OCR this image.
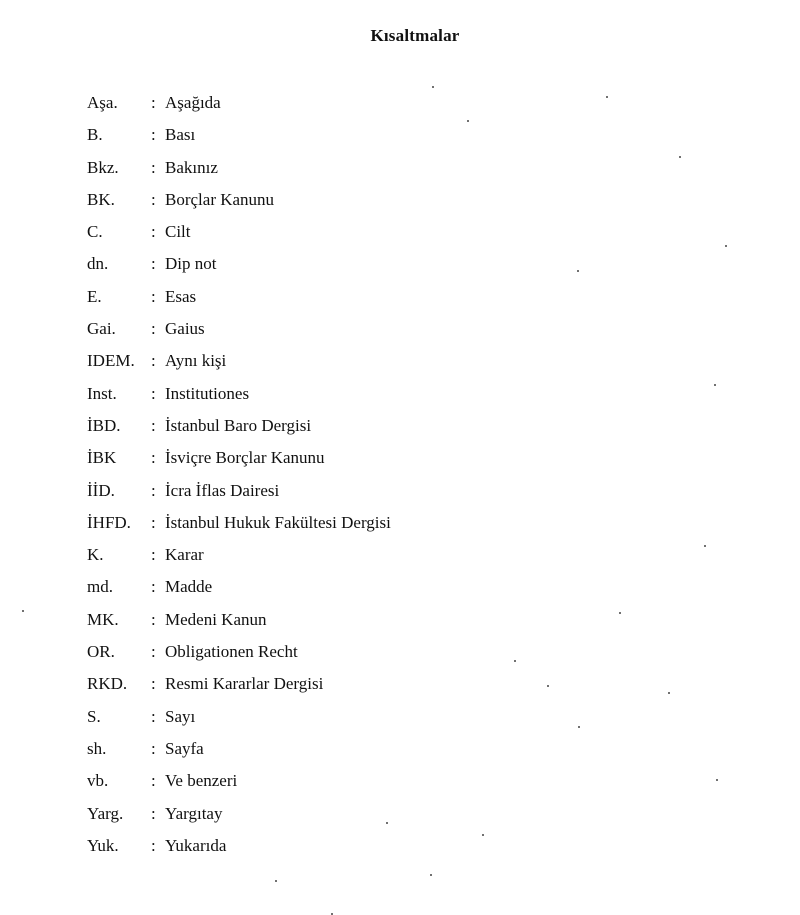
Kısaltmalar
Aşa.	: Aşağıda
B.	: Bası
Bkz.	: Bakınız
BK.	: Borçlar Kanunu
C.	: Cilt
dn.	: Dip not
E.	: Esas
Gai.	: Gaius
IDEM. : Aynı kişi
Inst.	: Institutiones
İBD.	: İstanbul Baro Dergisi
İBK	: İsviçre Borçlar Kanunu
İİD.	: İcra İflas Dairesi
İHFD.	: İstanbul Hukuk Fakültesi Dergisi
K.	: Karar
md.	: Madde
MK.	: Medeni Kanun
OR.	: Obligationen Recht
RKD.	: Resmi Kararlar Dergisi
S.	: Sayı
sh.	: Sayfa
vb.	: Ve benzeri
Yarg.	: Yargıtay
Yuk.	: Yukarıda
